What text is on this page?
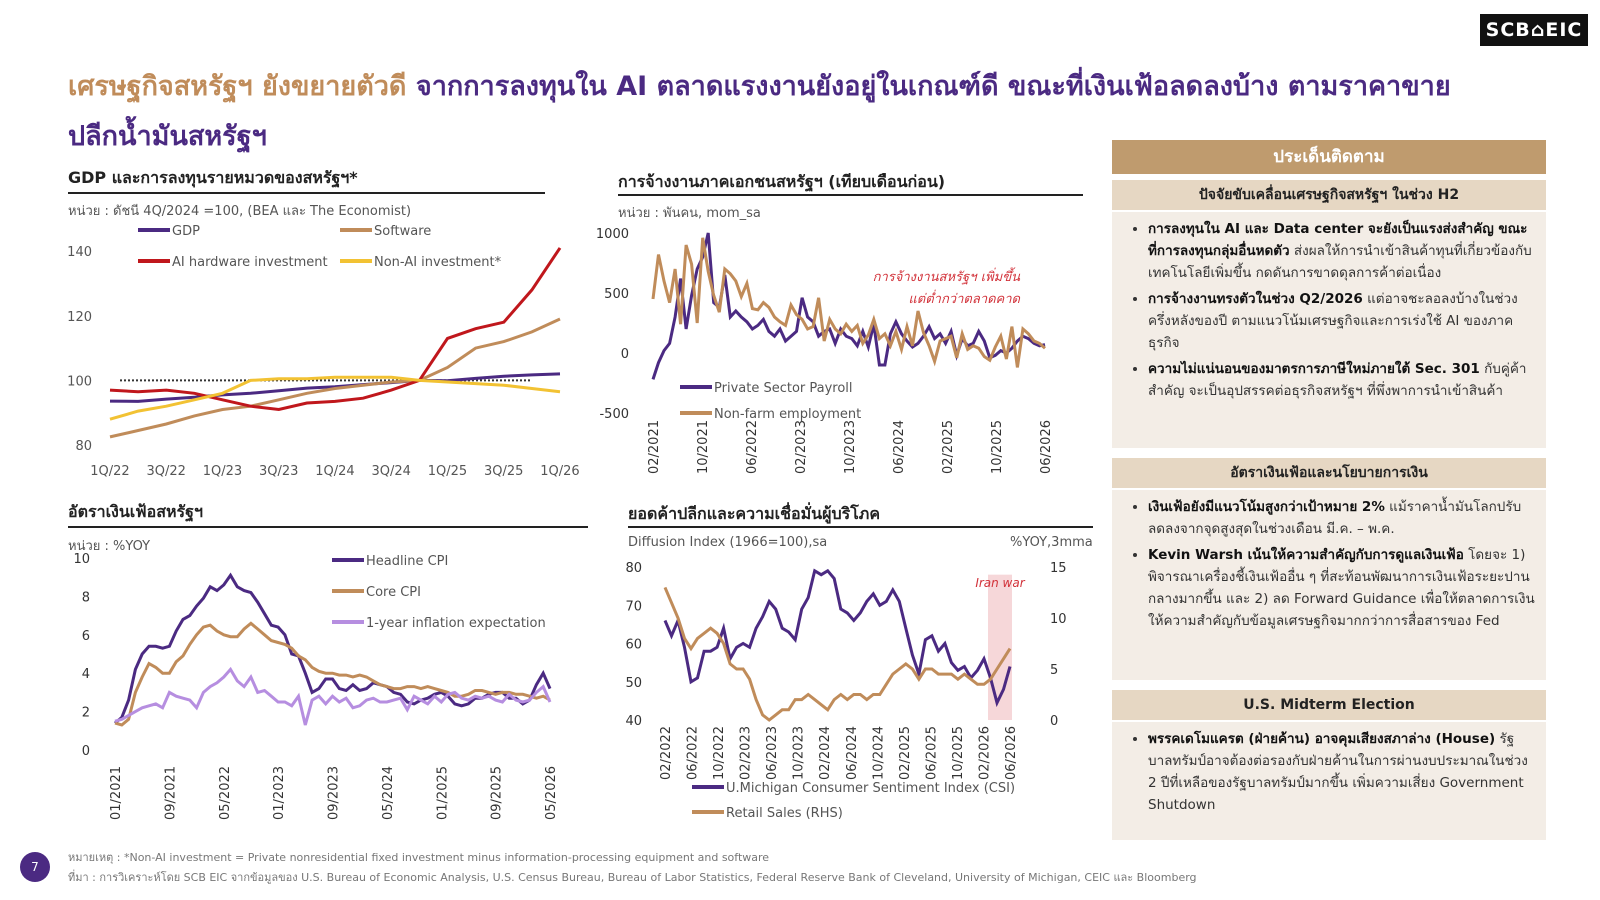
SCB⌂EIC
เศรษฐกิจสหรัฐฯ ยังขยายตัวดี จากการลงทุนใน AI ตลาดแรงงานยังอยู่ในเกณฑ์ดี ขณะที่เงินเฟ้อลดลงบ้าง ตามราคาขายปลีกน้ำมันสหรัฐฯ
GDP และการลงทุนรายหมวดของสหรัฐฯ*
หน่วย : ดัชนี 4Q/2024 =100, (BEA และ The Economist)
การจ้างงานภาคเอกชนสหรัฐฯ (เทียบเดือนก่อน)
หน่วย : พันคน, mom_sa
อัตราเงินเฟ้อสหรัฐฯ
หน่วย : %YOY
ยอดค้าปลีกและความเชื่อมั่นผู้บริโภค
Diffusion Index (1966=100),sa	%YOY,3mma
80
100
120
140
1Q/22 3Q/22 1Q/23 3Q/23 1Q/24 3Q/24 1Q/25 3Q/25 1Q/26
GDP	Software
AI hardware investment	Non-AI investment*
-500
0
500
1000
02/2021	10/2021	06/2022	02/2023	10/2023	06/2024	02/2025	10/2025	06/2026
การจ้างงานสหรัฐฯ เพิ่มขึ้น
แต่ต่ำกว่าตลาดคาด
Private Sector Payroll
Non-farm employment
0
2
4
6
8
10
01/2021	09/2021	05/2022	01/2023	09/2023	05/2024	01/2025	09/2025	05/2026
Headline CPI
Core CPI
1-year inflation expectation
Iran war
40
50
60
70
80
0
5
10
15
02/2022 06/2022 10/2022 02/2023 06/2023 10/2023 02/2024 06/2024 10/2024 02/2025 06/2025 10/2025 02/2026 06/2026
U.Michigan Consumer Sentiment Index (CSI)
Retail Sales (RHS)
ประเด็นติดตาม
ปัจจัยขับเคลื่อนเศรษฐกิจสหรัฐฯ ในช่วง H2
• การลงทุนใน AI และ Data center จะยังเป็นแรงส่งสำคัญ ขณะที่การลงทุนกลุ่มอื่นหดตัว ส่งผลให้การนำเข้าสินค้าทุนที่เกี่ยวข้องกับเทคโนโลยีเพิ่มขึ้น กดดันการขาดดุลการค้าต่อเนื่อง
• การจ้างงานทรงตัวในช่วง Q2/2026 แต่อาจชะลอลงบ้างในช่วงครึ่งหลังของปี ตามแนวโน้มเศรษฐกิจและการเร่งใช้ AI ของภาคธุรกิจ
• ความไม่แน่นอนของมาตรการภาษีใหม่ภายใต้ Sec. 301 กับคู่ค้าสำคัญ จะเป็นอุปสรรคต่อธุรกิจสหรัฐฯ ที่พึ่งพาการนำเข้าสินค้า
อัตราเงินเฟ้อและนโยบายการเงิน
• เงินเฟ้อยังมีแนวโน้มสูงกว่าเป้าหมาย 2% แม้ราคาน้ำมันโลกปรับลดลงจากจุดสูงสุดในช่วงเดือน มี.ค. – พ.ค.
• Kevin Warsh เน้นให้ความสำคัญกับการดูแลเงินเฟ้อ โดยจะ 1) พิจารณาเครื่องชี้เงินเฟ้ออื่น ๆ ที่สะท้อนพัฒนาการเงินเฟ้อระยะปานกลางมากขึ้น และ 2) ลด Forward Guidance เพื่อให้ตลาดการเงินให้ความสำคัญกับข้อมูลเศรษฐกิจมากกว่าการสื่อสารของ Fed
U.S. Midterm Election
• พรรคเดโมแครต (ฝ่ายค้าน) อาจคุมเสียงสภาล่าง (House) รัฐบาลทรัมป์อาจต้องต่อรองกับฝ่ายค้านในการผ่านงบประมาณในช่วง 2 ปีที่เหลือของรัฐบาลทรัมป์มากขึ้น เพิ่มความเสี่ยง Government Shutdown
หมายเหตุ : *Non-AI investment = Private nonresidential fixed investment minus information-processing equipment and software
ที่มา : การวิเคราะห์โดย SCB EIC จากข้อมูลของ U.S. Bureau of Economic Analysis, U.S. Census Bureau, Bureau of Labor Statistics, Federal Reserve Bank of Cleveland, University of Michigan, CEIC และ Bloomberg
7
